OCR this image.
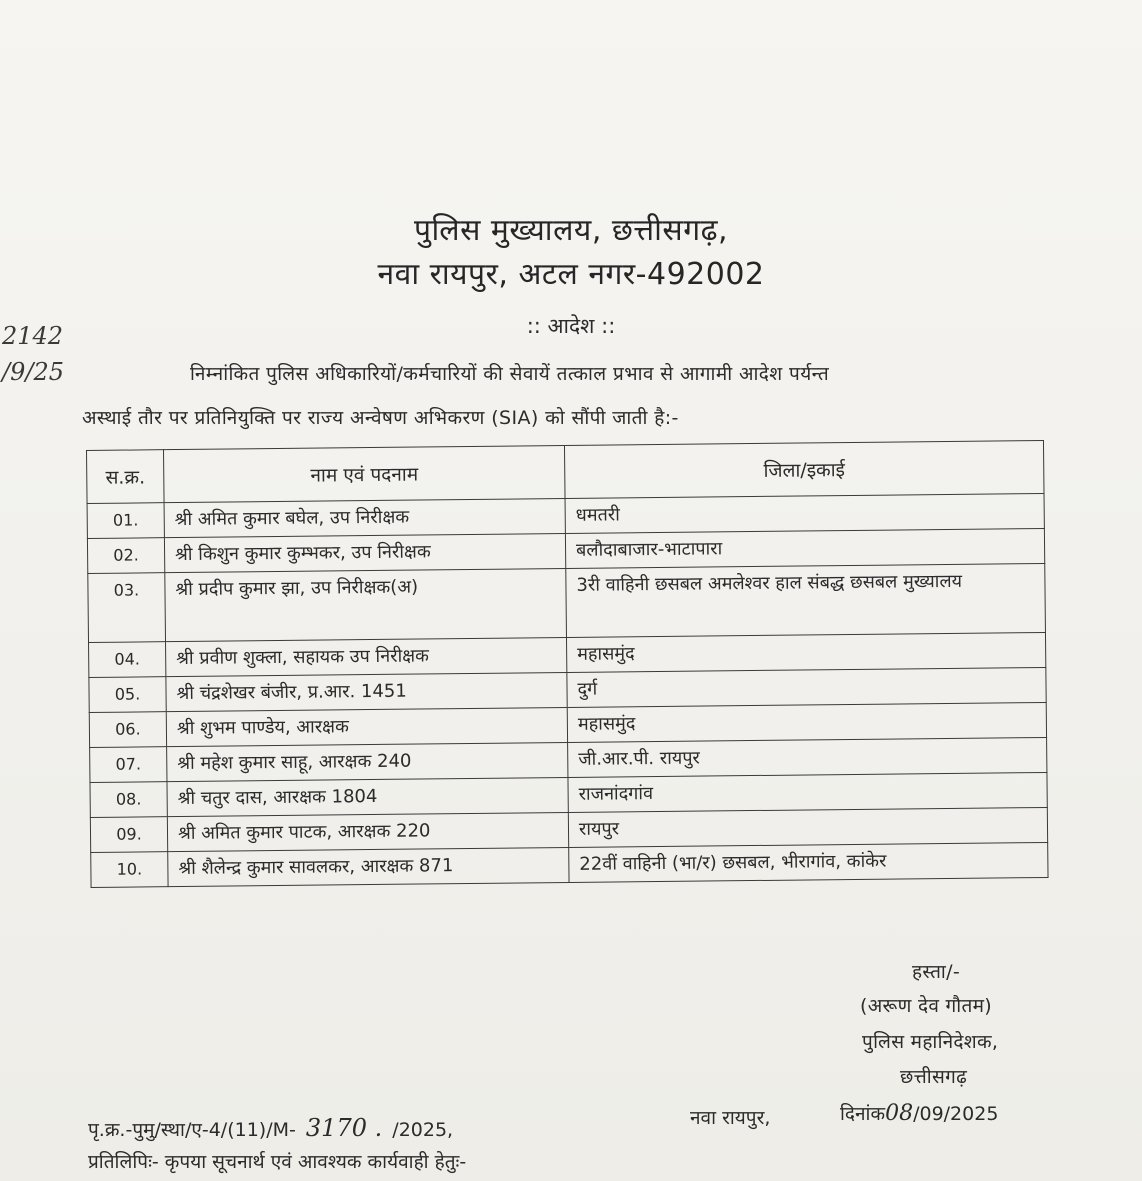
पुलिस मुख्यालय, छत्तीसगढ़,
नवा रायपुर, अटल नगर-492002
:: आदेश ::
2142
/9/25	निम्नांकित पुलिस अधिकारियों/कर्मचारियों की सेवायें तत्काल प्रभाव से आगामी आदेश पर्यन्त
अस्थाई तौर पर प्रतिनियुक्ति पर राज्य अन्वेषण अभिकरण (SIA) को सौंपी जाती है:-
स.क्र.	नाम एवं पदनाम	जिला/इकाई
01.	श्री अमित कुमार बघेल, उप निरीक्षक	धमतरी
02.	श्री किशुन कुमार कुम्भकर, उप निरीक्षक	बलौदाबाजार-भाटापारा
03.	श्री प्रदीप कुमार झा, उप निरीक्षक(अ)	3री वाहिनी छसबल अमलेश्वर हाल संबद्ध छसबल मुख्यालय
04.	श्री प्रवीण शुक्ला, सहायक उप निरीक्षक	महासमुंद
05.	श्री चंद्रशेखर बंजीर, प्र.आर. 1451	दुर्ग
06.	श्री शुभम पाण्डेय, आरक्षक	महासमुंद
07.	श्री महेश कुमार साहू, आरक्षक 240	जी.आर.पी. रायपुर
08.	श्री चतुर दास, आरक्षक 1804	राजनांदगांव
09.	श्री अमित कुमार पाटक, आरक्षक 220	रायपुर
10.	श्री शैलेन्द्र कुमार सावलकर, आरक्षक 871	22वीं वाहिनी (भा/र) छसबल, भीरागांव, कांकेर
हस्ता/-
(अरूण देव गौतम)
पुलिस महानिदेशक,
छत्तीसगढ़
पृ.क्र.-पुमु/स्था/ए-4/(11)/M- 3170 . /2025,
नवा रायपुर,	दिनांक08/09/2025
प्रतिलिपिः- कृपया सूचनार्थ एवं आवश्यक कार्यवाही हेतुः-
